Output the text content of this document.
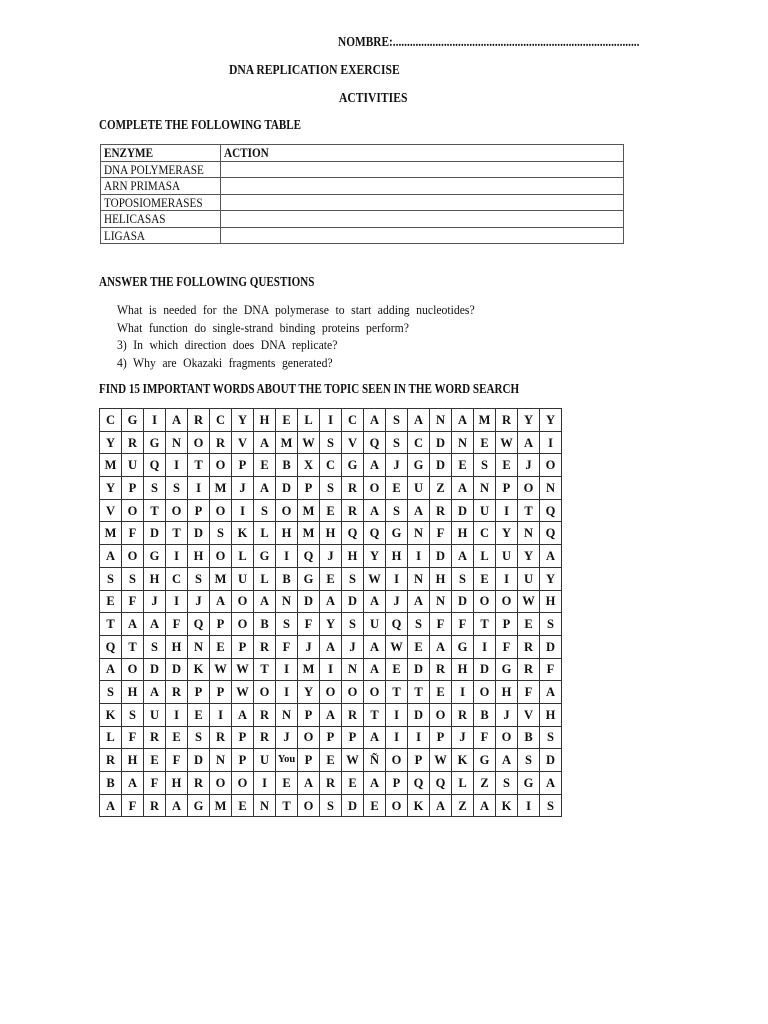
NOMBRE:.......................................................................................
DNA REPLICATION EXERCISE
ACTIVITIES
COMPLETE THE FOLLOWING TABLE
ENZYME	ACTION
DNA POLYMERASE	
ARN PRIMASA	
TOPOSIOMERASES	
HELICASAS	
LIGASA	
ANSWER THE FOLLOWING QUESTIONS
What is needed for the DNA polymerase to start adding nucleotides?
What function do single-strand binding proteins perform?
3) In which direction does DNA replicate?
4) Why are Okazaki fragments generated?
FIND 15 IMPORTANT WORDS ABOUT THE TOPIC SEEN IN THE WORD SEARCH
C	G	I	A	R	C	Y	H	E	L	I	C	A	S	A	N	A	M	R	Y	Y
Y	R	G	N	O	R	V	A	M	W	S	V	Q	S	C	D	N	E	W	A	I
M	U	Q	I	T	O	P	E	B	X	C	G	A	J	G	D	E	S	E	J	O
Y	P	S	S	I	M	J	A	D	P	S	R	O	E	U	Z	A	N	P	O	N
V	O	T	O	P	O	I	S	O	M	E	R	A	S	A	R	D	U	I	T	Q
M	F	D	T	D	S	K	L	H	M	H	Q	Q	G	N	F	H	C	Y	N	Q
A	O	G	I	H	O	L	G	I	Q	J	H	Y	H	I	D	A	L	U	Y	A
S	S	H	C	S	M	U	L	B	G	E	S	W	I	N	H	S	E	I	U	Y
E	F	J	I	J	A	O	A	N	D	A	D	A	J	A	N	D	O	O	W	H
T	A	A	F	Q	P	O	B	S	F	Y	S	U	Q	S	F	F	T	P	E	S
Q	T	S	H	N	E	P	R	F	J	A	J	A	W	E	A	G	I	F	R	D
A	O	D	D	K	W	W	T	I	M	I	N	A	E	D	R	H	D	G	R	F
S	H	A	R	P	P	W	O	I	Y	O	O	O	T	T	E	I	O	H	F	A
K	S	U	I	E	I	A	R	N	P	A	R	T	I	D	O	R	B	J	V	H
L	F	R	E	S	R	P	R	J	O	P	P	A	I	I	P	J	F	O	B	S
R	H	E	F	D	N	P	U	You	P	E	W	Ñ	O	P	W	K	G	A	S	D
B	A	F	H	R	O	O	I	E	A	R	E	A	P	Q	Q	L	Z	S	G	A
A	F	R	A	G	M	E	N	T	O	S	D	E	O	K	A	Z	A	K	I	S
